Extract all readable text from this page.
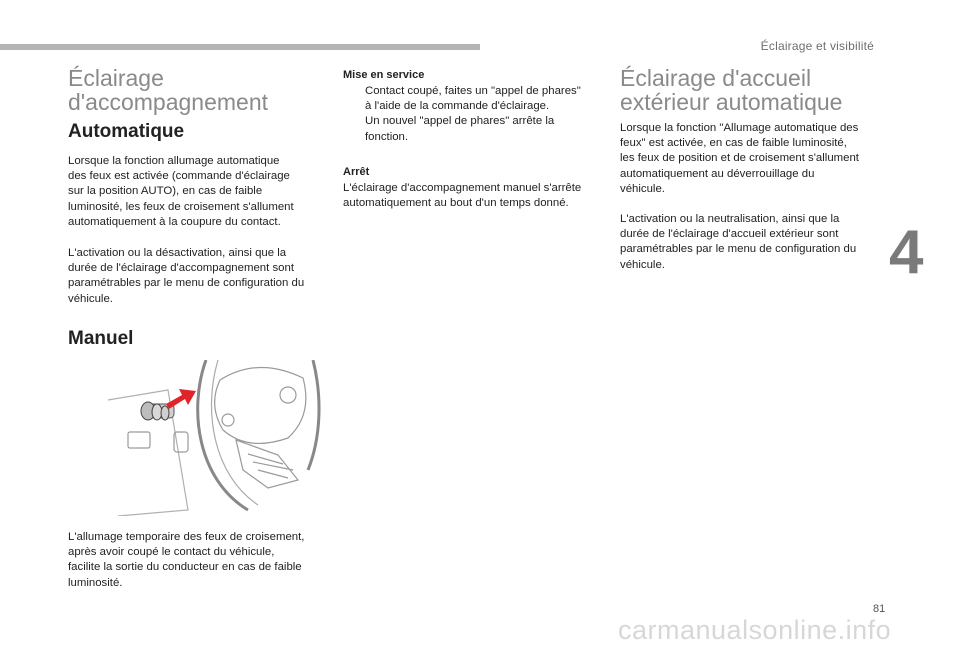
Éclairage et visibilité
4
81
Éclairage
d'accompagnement
Automatique
Lorsque la fonction allumage automatique
des feux est activée (commande d'éclairage
sur la position AUTO), en cas de faible
luminosité, les feux de croisement s'allument
automatiquement à la coupure du contact.
L'activation ou la désactivation, ainsi que la
durée de l'éclairage d'accompagnement sont
paramétrables par le menu de configuration du
véhicule.
Manuel
L'allumage temporaire des feux de croisement,
après avoir coupé le contact du véhicule,
facilite la sortie du conducteur en cas de faible
luminosité.
Mise en service
Contact coupé, faites un "appel de phares"
à l'aide de la commande d'éclairage.
Un nouvel "appel de phares" arrête la
fonction.
Arrêt
L'éclairage d'accompagnement manuel s'arrête
automatiquement au bout d'un temps donné.
Éclairage d'accueil
extérieur automatique
Lorsque la fonction "Allumage automatique des
feux" est activée, en cas de faible luminosité,
les feux de position et de croisement s'allument
automatiquement au déverrouillage du
véhicule.
L'activation ou la neutralisation, ainsi que la
durée de l'éclairage d'accueil extérieur sont
paramétrables par le menu de configuration du
véhicule.
carmanualsonline.info
